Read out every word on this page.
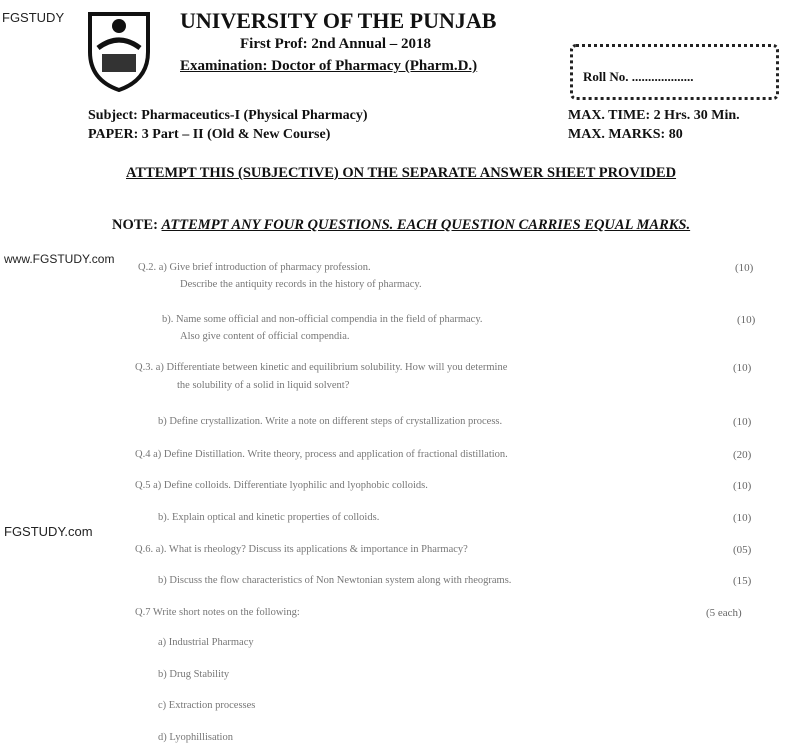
FGSTUDY
www.FGSTUDY.com
FGSTUDY.com
UNIVERSITY OF THE PUNJAB
First Prof: 2nd Annual – 2018
Examination: Doctor of Pharmacy (Pharm.D.)
Roll No. ...................
Subject: Pharmaceutics-I (Physical Pharmacy)
PAPER: 3 Part – II (Old & New Course)
MAX. TIME: 2 Hrs. 30 Min.
MAX. MARKS: 80
ATTEMPT THIS (SUBJECTIVE) ON THE SEPARATE ANSWER SHEET PROVIDED
NOTE: ATTEMPT ANY FOUR QUESTIONS. EACH QUESTION CARRIES EQUAL MARKS.
Q.2. a) Give brief introduction of pharmacy profession.	(10)
Describe the antiquity records in the history of pharmacy.
b). Name some official and non-official compendia in the field of pharmacy.	(10)
Also give content of official compendia.
Q.3. a) Differentiate between kinetic and equilibrium solubility. How will you determine	(10)
the solubility of a solid in liquid solvent?
b) Define crystallization. Write a note on different steps of crystallization process.	(10)
Q.4 a) Define Distillation. Write theory, process and application of fractional distillation.	(20)
Q.5 a) Define colloids. Differentiate lyophilic and lyophobic colloids.	(10)
b). Explain optical and kinetic properties of colloids.	(10)
Q.6. a). What is rheology? Discuss its applications & importance in Pharmacy?	(05)
b) Discuss the flow characteristics of Non Newtonian system along with rheograms.	(15)
Q.7 Write short notes on the following:	(5 each)
a) Industrial Pharmacy
b) Drug Stability
c) Extraction processes
d) Lyophillisation
